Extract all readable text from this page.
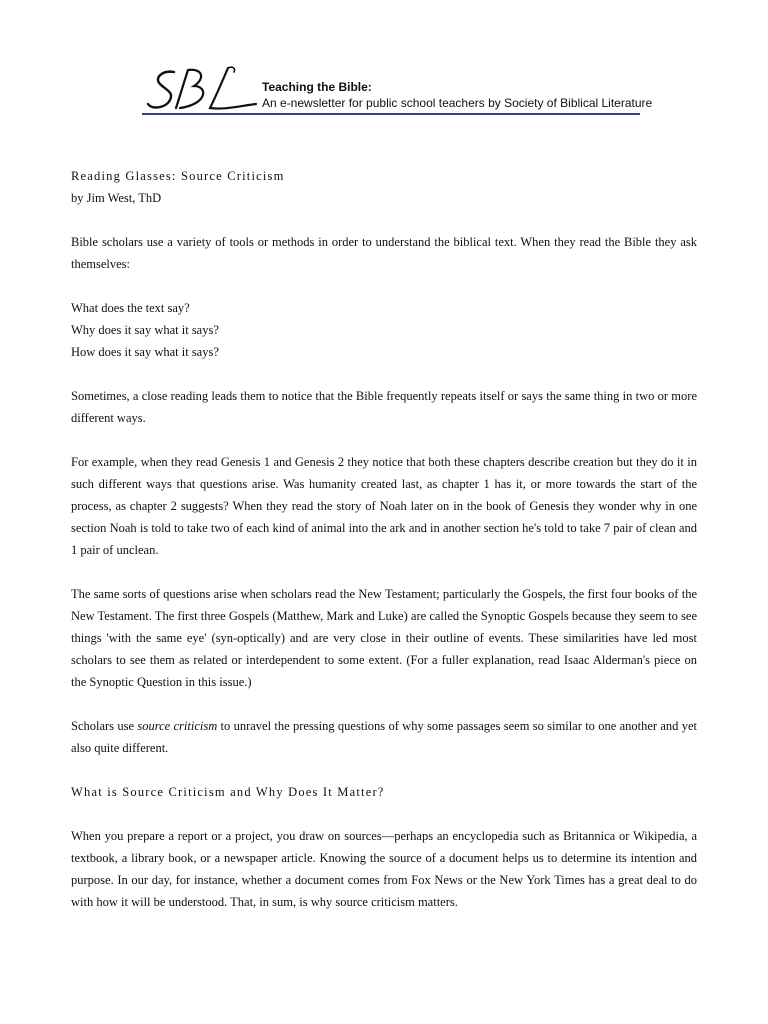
Teaching the Bible:
An e-newsletter for public school teachers by Society of Biblical Literature

Reading Glasses: Source Criticism

by Jim West, ThD

Bible scholars use a variety of tools or methods in order to understand the biblical text. When they read the Bible they ask themselves:

What does the text say?

Why does it say what it says?

How does it say what it says?

Sometimes, a close reading leads them to notice that the Bible frequently repeats itself or says the same thing in two or more different ways.

For example, when they read Genesis 1 and Genesis 2 they notice that both these chapters describe creation but they do it in such different ways that questions arise. Was humanity created last, as chapter 1 has it, or more towards the start of the process, as chapter 2 suggests? When they read the story of Noah later on in the book of Genesis they wonder why in one section Noah is told to take two of each kind of animal into the ark and in another section he's told to take 7 pair of clean and 1 pair of unclean.

The same sorts of questions arise when scholars read the New Testament; particularly the Gospels, the first four books of the New Testament. The first three Gospels (Matthew, Mark and Luke) are called the Synoptic Gospels because they seem to see things 'with the same eye' (syn-optically) and are very close in their outline of events. These similarities have led most scholars to see them as related or interdependent to some extent. (For a fuller explanation, read Isaac Alderman's piece on the Synoptic Question in this issue.)

Scholars use source criticism to unravel the pressing questions of why some passages seem so similar to one another and yet also quite different.

What is Source Criticism and Why Does It Matter?

When you prepare a report or a project, you draw on sources—perhaps an encyclopedia such as Britannica or Wikipedia, a textbook, a library book, or a newspaper article. Knowing the source of a document helps us to determine its intention and purpose. In our day, for instance, whether a document comes from Fox News or the New York Times has a great deal to do with how it will be understood. That, in sum, is why source criticism matters.
